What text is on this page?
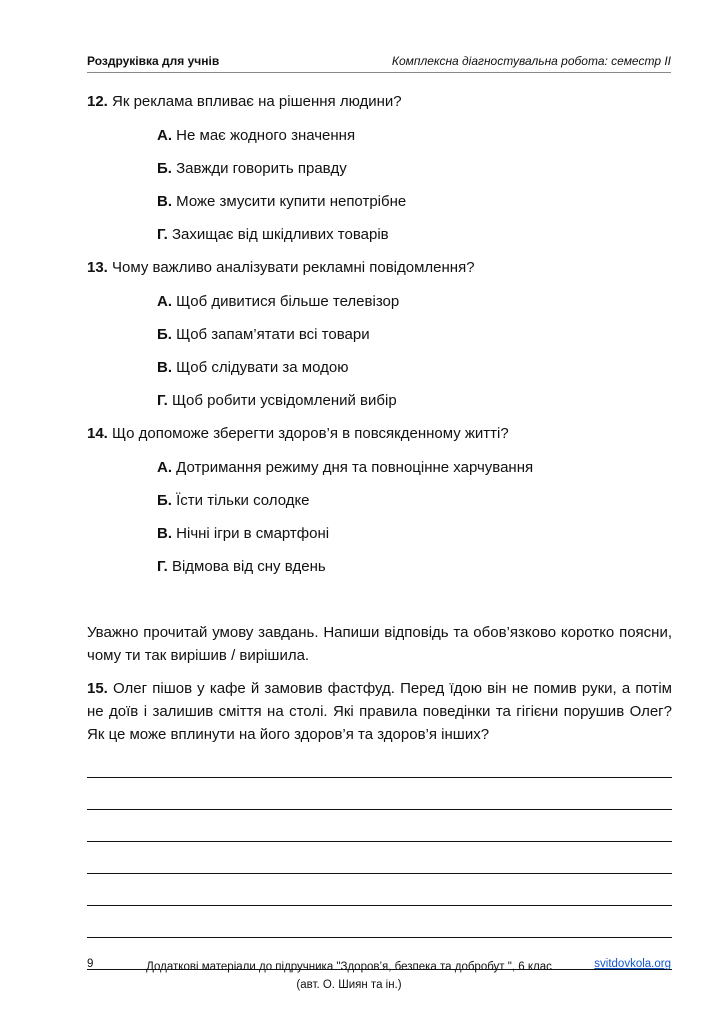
Роздруківка для учнів	Комплексна діагностувальна робота: семестр II

12. Як реклама впливає на рішення людини?

А. Не має жодного значення
Б. Завжди говорить правду
В. Може змусити купити непотрібне
Г. Захищає від шкідливих товарів

13. Чому важливо аналізувати рекламні повідомлення?

А. Щоб дивитися більше телевізор
Б. Щоб запам’ятати всі товари
В. Щоб слідувати за модою
Г. Щоб робити усвідомлений вибір

14. Що допоможе зберегти здоров’я в повсякденному житті?

А. Дотримання режиму дня та повноцінне харчування
Б. Їсти тільки солодке
В. Нічні ігри в смартфоні
Г. Відмова від сну вдень

Уважно прочитай умову завдань. Напиши відповідь та обов’язково коротко поясни, чому ти так вирішив / вирішила.

15. Олег пішов у кафе й замовив фастфуд. Перед їдою він не помив руки, а потім не доїв і залишив сміття на столі. Які правила поведінки та гігієни порушив Олег? Як це може вплинути на його здоров’я та здоров’я інших?

9	Додаткові матеріали до підручника "Здоров’я, безпека та добробут ", 6 клас
(авт. О. Шиян та ін.)
svitdovkola.org
